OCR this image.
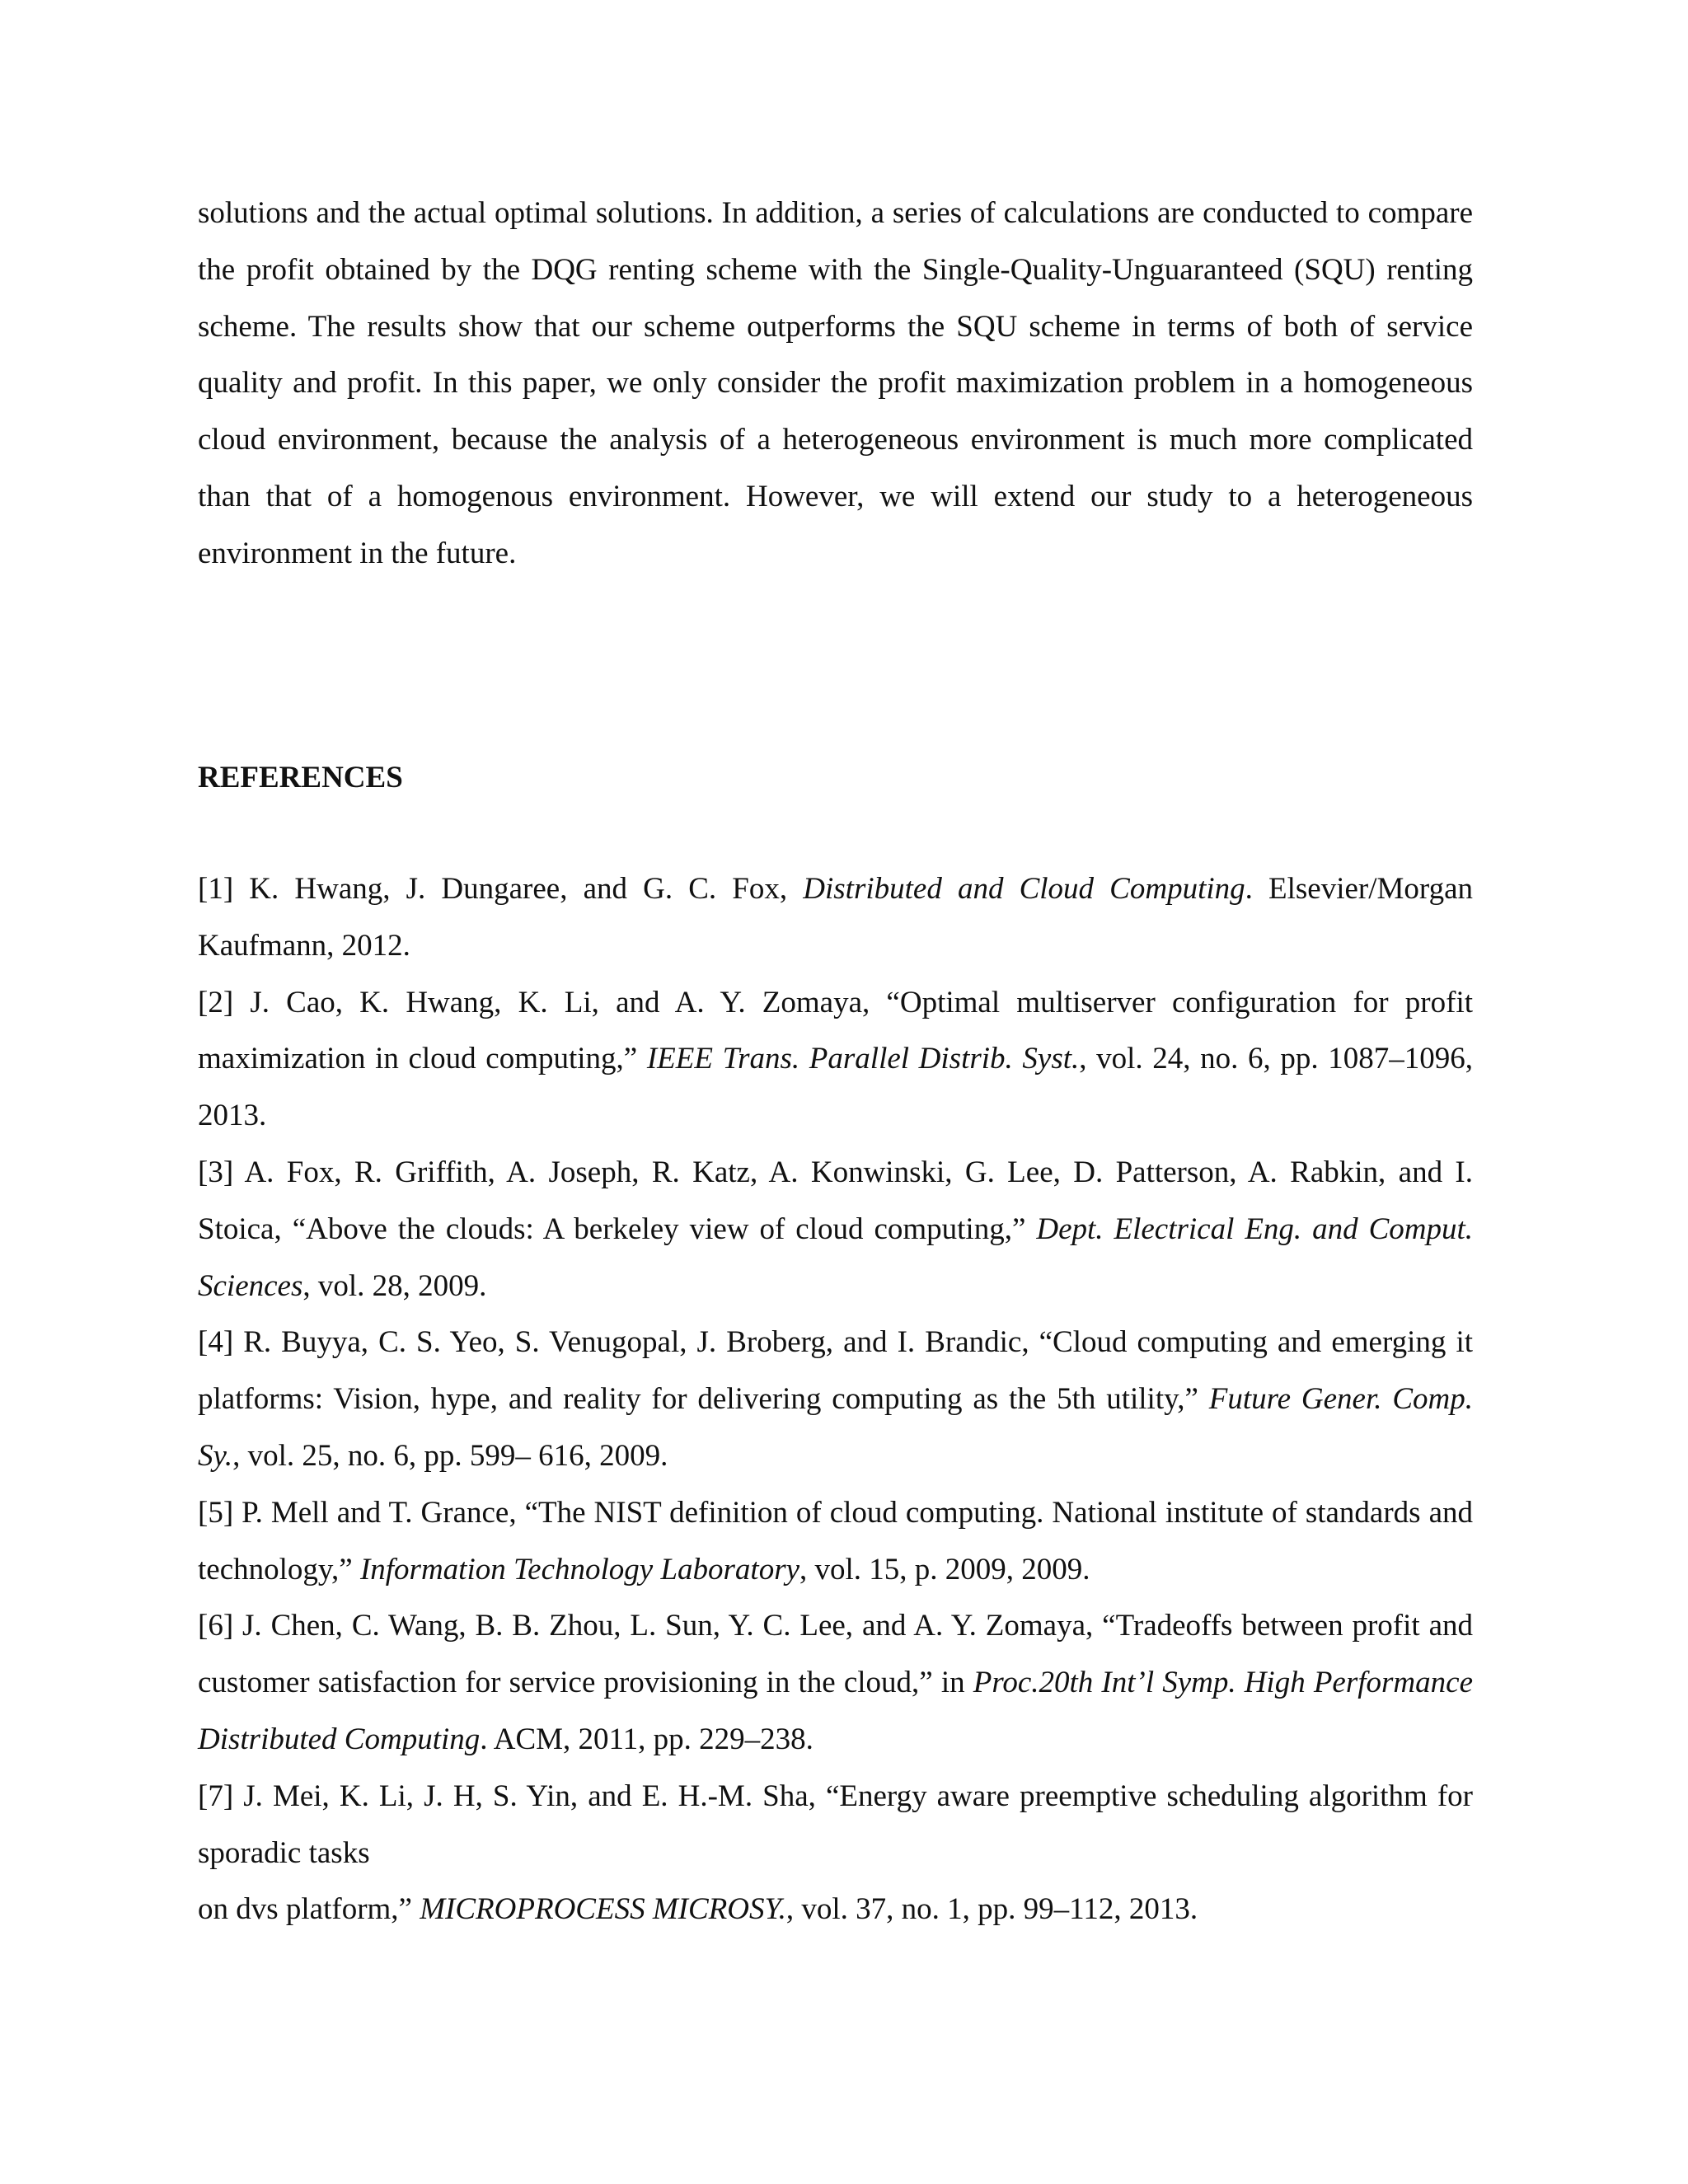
solutions and the actual optimal solutions. In addition, a series of calculations are conducted to compare the profit obtained by the DQG renting scheme with the Single-Quality-Unguaranteed (SQU) renting scheme. The results show that our scheme outperforms the SQU scheme in terms of both of service quality and profit. In this paper, we only consider the profit maximization problem in a homogeneous cloud environment, because the analysis of a heterogeneous environment is much more complicated than that of a homogenous environment. However, we will extend our study to a heterogeneous environment in the future.

REFERENCES

[1] K. Hwang, J. Dungaree, and G. C. Fox, Distributed and Cloud Computing. Elsevier/Morgan Kaufmann, 2012.

[2] J. Cao, K. Hwang, K. Li, and A. Y. Zomaya, “Optimal multiserver configuration for profit maximization in cloud computing,” IEEE Trans. Parallel Distrib. Syst., vol. 24, no. 6, pp. 1087–1096, 2013.

[3] A. Fox, R. Griffith, A. Joseph, R. Katz, A. Konwinski, G. Lee, D. Patterson, A. Rabkin, and I. Stoica, “Above the clouds: A berkeley view of cloud computing,” Dept. Electrical Eng. and Comput. Sciences, vol. 28, 2009.

[4] R. Buyya, C. S. Yeo, S. Venugopal, J. Broberg, and I. Brandic, “Cloud computing and emerging it platforms: Vision, hype, and reality for delivering computing as the 5th utility,” Future Gener. Comp. Sy., vol. 25, no. 6, pp. 599– 616, 2009.

[5] P. Mell and T. Grance, “The NIST definition of cloud computing. National institute of standards and technology,” Information Technology Laboratory, vol. 15, p. 2009, 2009.

[6] J. Chen, C. Wang, B. B. Zhou, L. Sun, Y. C. Lee, and A. Y. Zomaya, “Tradeoffs between profit and customer satisfaction for service provisioning in the cloud,” in Proc.20th Int’l Symp. High Performance Distributed Computing. ACM, 2011, pp. 229–238.

[7] J. Mei, K. Li, J. H, S. Yin, and E. H.-M. Sha, “Energy aware preemptive scheduling algorithm for sporadic tasks
on dvs platform,” MICROPROCESS MICROSY., vol. 37, no. 1, pp. 99–112, 2013.
